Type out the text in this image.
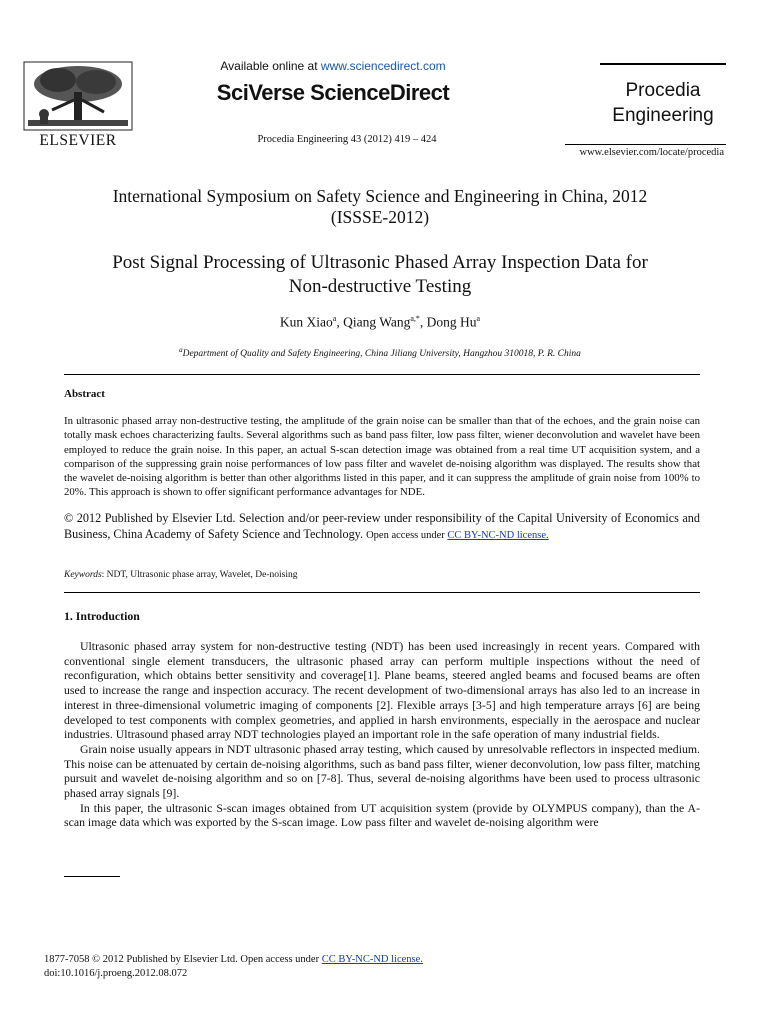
ELSEVIER
Available online at www.sciencedirect.com
SciVerse ScienceDirect
Procedia Engineering 43 (2012) 419 – 424
Procedia
Engineering
www.elsevier.com/locate/procedia
International Symposium on Safety Science and Engineering in China, 2012
(ISSSE-2012)
Post Signal Processing of Ultrasonic Phased Array Inspection Data for
Non-destructive Testing
Kun Xiao$^a$, Qiang Wang$^{a,*}$, Dong Hu$^a$
$^a$Department of Quality and Safety Engineering, China Jiliang University, Hangzhou 310018, P. R. China
Abstract
In ultrasonic phased array non-destructive testing, the amplitude of the grain noise can be smaller than that of the echoes, and the grain noise can totally mask echoes characterizing faults. Several algorithms such as band pass filter, low pass filter, wiener deconvolution and wavelet have been employed to reduce the grain noise. In this paper, an actual S-scan detection image was obtained from a real time UT acquisition system, and a comparison of the suppressing grain noise performances of low pass filter and wavelet de-noising algorithm was displayed. The results show that the wavelet de-noising algorithm is better than other algorithms listed in this paper, and it can suppress the amplitude of grain noise from 100% to 20%. This approach is shown to offer significant performance advantages for NDE.
© 2012 Published by Elsevier Ltd. Selection and/or peer-review under responsibility of the Capital University of Economics and Business, China Academy of Safety Science and Technology. Open access under CC BY-NC-ND license.
Keywords: NDT, Ultrasonic phase array, Wavelet, De-noising
1. Introduction

Ultrasonic phased array system for non-destructive testing (NDT) has been used increasingly in recent years. Compared with conventional single element transducers, the ultrasonic phased array can perform multiple inspections without the need of reconfiguration, which obtains better sensitivity and coverage[1]. Plane beams, steered angled beams and focused beams are often used to increase the range and inspection accuracy. The recent development of two-dimensional arrays has also led to an increase in interest in three-dimensional volumetric imaging of components [2]. Flexible arrays [3-5] and high temperature arrays [6] are being developed to test components with complex geometries, and applied in harsh environments, especially in the aerospace and nuclear industries. Ultrasound phased array NDT technologies played an important role in the safe operation of many industrial fields.

Grain noise usually appears in NDT ultrasonic phased array testing, which caused by unresolvable reflectors in inspected medium. This noise can be attenuated by certain de-noising algorithms, such as band pass filter, wiener deconvolution, low pass filter, matching pursuit and wavelet de-noising algorithm and so on [7-8]. Thus, several de-noising algorithms have been used to process ultrasonic phased array signals [9].

In this paper, the ultrasonic S-scan images obtained from UT acquisition system (provide by OLYMPUS company), than the A-scan image data which was exported by the S-scan image. Low pass filter and wavelet de-noising algorithm were

1877-7058 © 2012 Published by Elsevier Ltd. Open access under CC BY-NC-ND license.
doi:10.1016/j.proeng.2012.08.072
